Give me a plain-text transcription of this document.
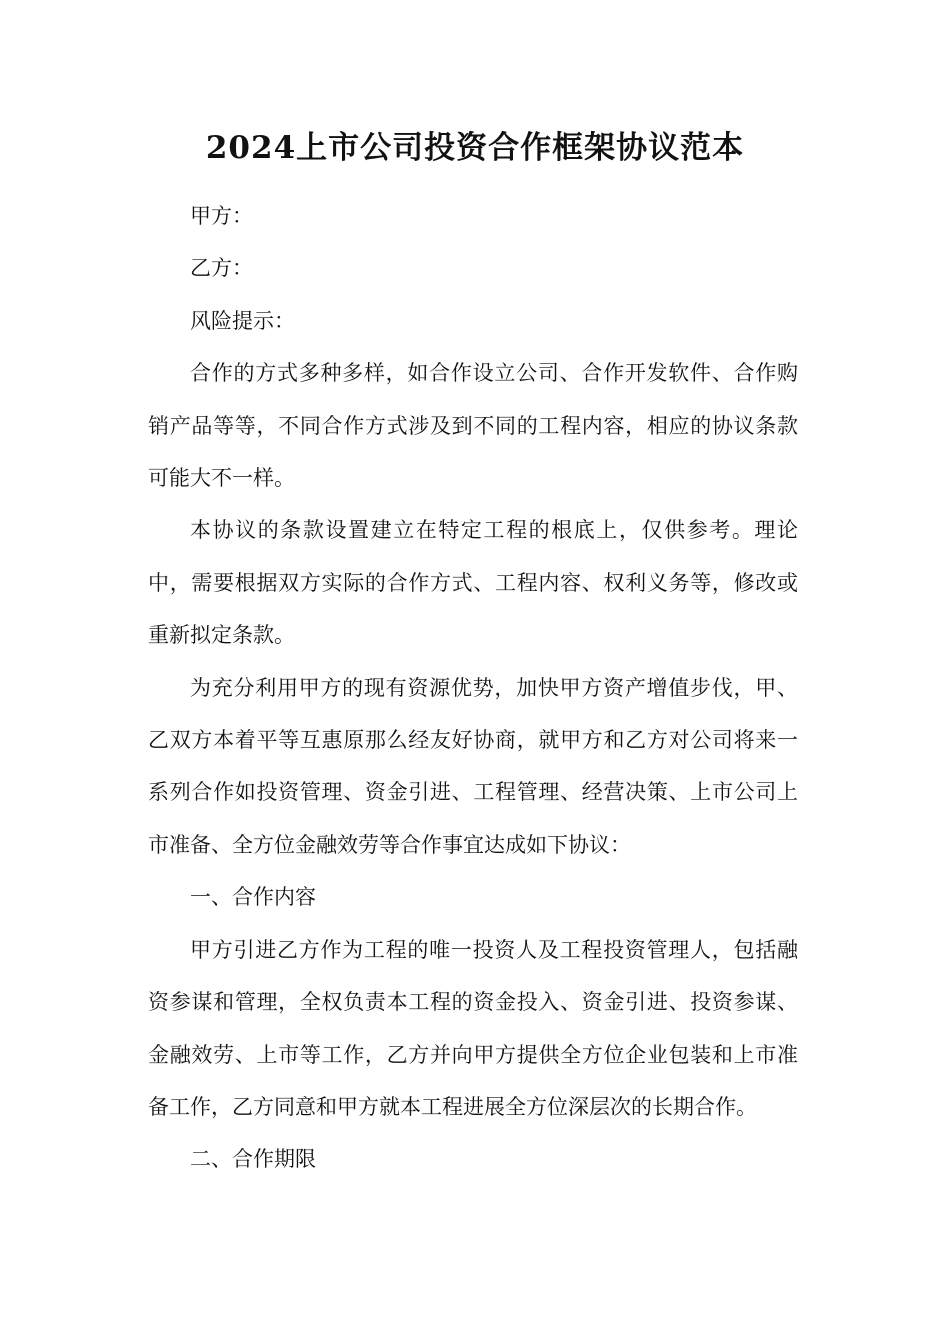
2024上市公司投资合作框架协议范本

甲方：

乙方：

风险提示：

合作的方式多种多样，如合作设立公司、合作开发软件、合作购销产品等等，不同合作方式涉及到不同的工程内容，相应的协议条款可能大不一样。

本协议的条款设置建立在特定工程的根底上，仅供参考。理论中，需要根据双方实际的合作方式、工程内容、权利义务等，修改或重新拟定条款。

为充分利用甲方的现有资源优势，加快甲方资产增值步伐，甲、乙双方本着平等互惠原那么经友好协商，就甲方和乙方对公司将来一系列合作如投资管理、资金引进、工程管理、经营决策、上市公司上市准备、全方位金融效劳等合作事宜达成如下协议：

一、合作内容

甲方引进乙方作为工程的唯一投资人及工程投资管理人，包括融资参谋和管理，全权负责本工程的资金投入、资金引进、投资参谋、金融效劳、上市等工作，乙方并向甲方提供全方位企业包装和上市准备工作，乙方同意和甲方就本工程进展全方位深层次的长期合作。

二、合作期限
